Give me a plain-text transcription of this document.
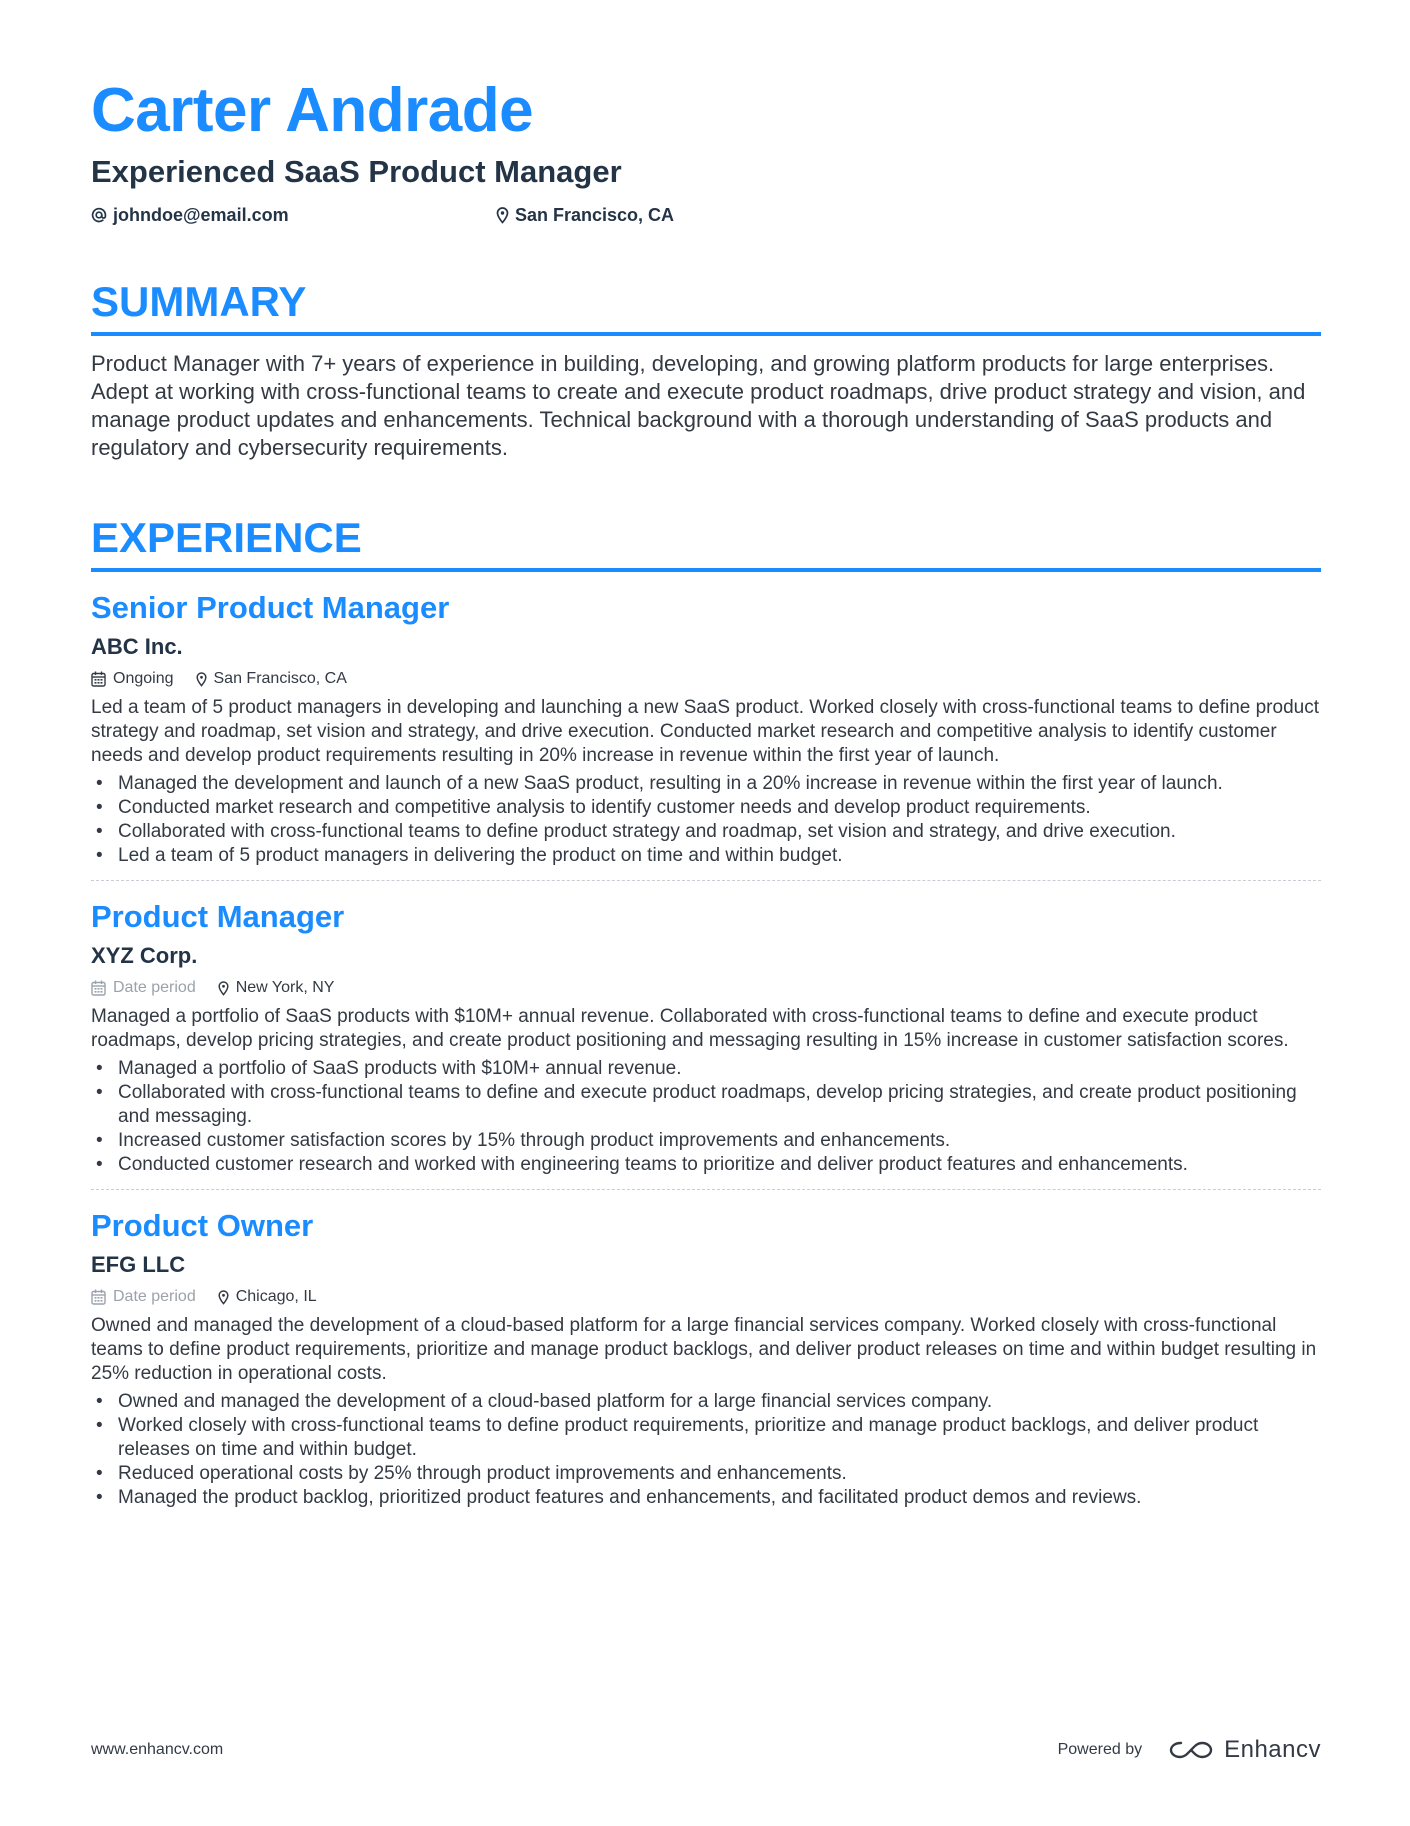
Carter Andrade
Experienced SaaS Product Manager
johndoe@email.com	San Francisco, CA
SUMMARY
Product Manager with 7+ years of experience in building, developing, and growing platform products for large enterprises. Adept at working with cross-functional teams to create and execute product roadmaps, drive product strategy and vision, and manage product updates and enhancements. Technical background with a thorough understanding of SaaS products and regulatory and cybersecurity requirements.
EXPERIENCE
Senior Product Manager
ABC Inc.
Ongoing	San Francisco, CA
Led a team of 5 product managers in developing and launching a new SaaS product. Worked closely with cross-functional teams to define product strategy and roadmap, set vision and strategy, and drive execution. Conducted market research and competitive analysis to identify customer needs and develop product requirements resulting in 20% increase in revenue within the first year of launch.
• Managed the development and launch of a new SaaS product, resulting in a 20% increase in revenue within the first year of launch.
• Conducted market research and competitive analysis to identify customer needs and develop product requirements.
• Collaborated with cross-functional teams to define product strategy and roadmap, set vision and strategy, and drive execution.
• Led a team of 5 product managers in delivering the product on time and within budget.
Product Manager
XYZ Corp.
Date period	New York, NY
Managed a portfolio of SaaS products with $10M+ annual revenue. Collaborated with cross-functional teams to define and execute product roadmaps, develop pricing strategies, and create product positioning and messaging resulting in 15% increase in customer satisfaction scores.
• Managed a portfolio of SaaS products with $10M+ annual revenue.
• Collaborated with cross-functional teams to define and execute product roadmaps, develop pricing strategies, and create product positioning and messaging.
• Increased customer satisfaction scores by 15% through product improvements and enhancements.
• Conducted customer research and worked with engineering teams to prioritize and deliver product features and enhancements.
Product Owner
EFG LLC
Date period	Chicago, IL
Owned and managed the development of a cloud-based platform for a large financial services company. Worked closely with cross-functional teams to define product requirements, prioritize and manage product backlogs, and deliver product releases on time and within budget resulting in 25% reduction in operational costs.
• Owned and managed the development of a cloud-based platform for a large financial services company.
• Worked closely with cross-functional teams to define product requirements, prioritize and manage product backlogs, and deliver product releases on time and within budget.
• Reduced operational costs by 25% through product improvements and enhancements.
• Managed the product backlog, prioritized product features and enhancements, and facilitated product demos and reviews.
www.enhancv.com	Powered by	Enhancv
